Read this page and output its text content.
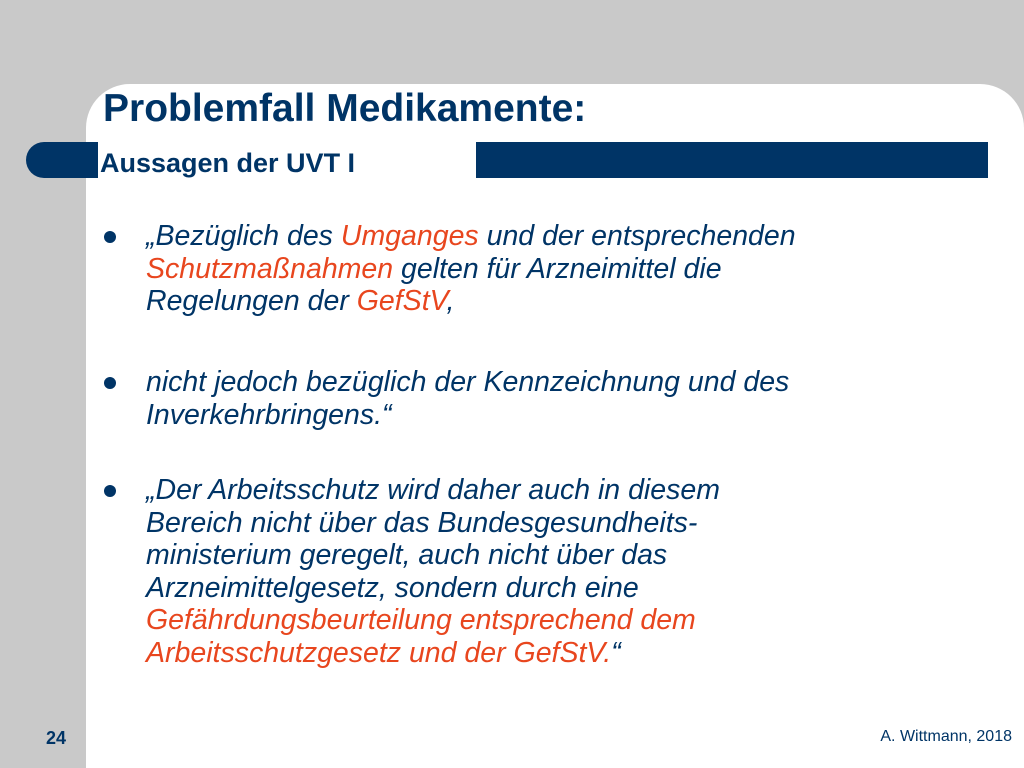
Aussagen der UVT I
Problemfall Medikamente:
„Bezüglich des Umganges und der entsprechenden
Schutzmaßnahmen gelten für Arzneimittel die
Regelungen der GefStV,
nicht jedoch bezüglich der Kennzeichnung und des
Inverkehrbringens.“
„Der Arbeitsschutz wird daher auch in diesem
Bereich nicht über das Bundesgesundheits-
ministerium geregelt, auch nicht über das
Arzneimittelgesetz, sondern durch eine
Gefährdungsbeurteilung entsprechend dem
Arbeitsschutzgesetz und der GefStV.“
24	A. Wittmann, 2018
